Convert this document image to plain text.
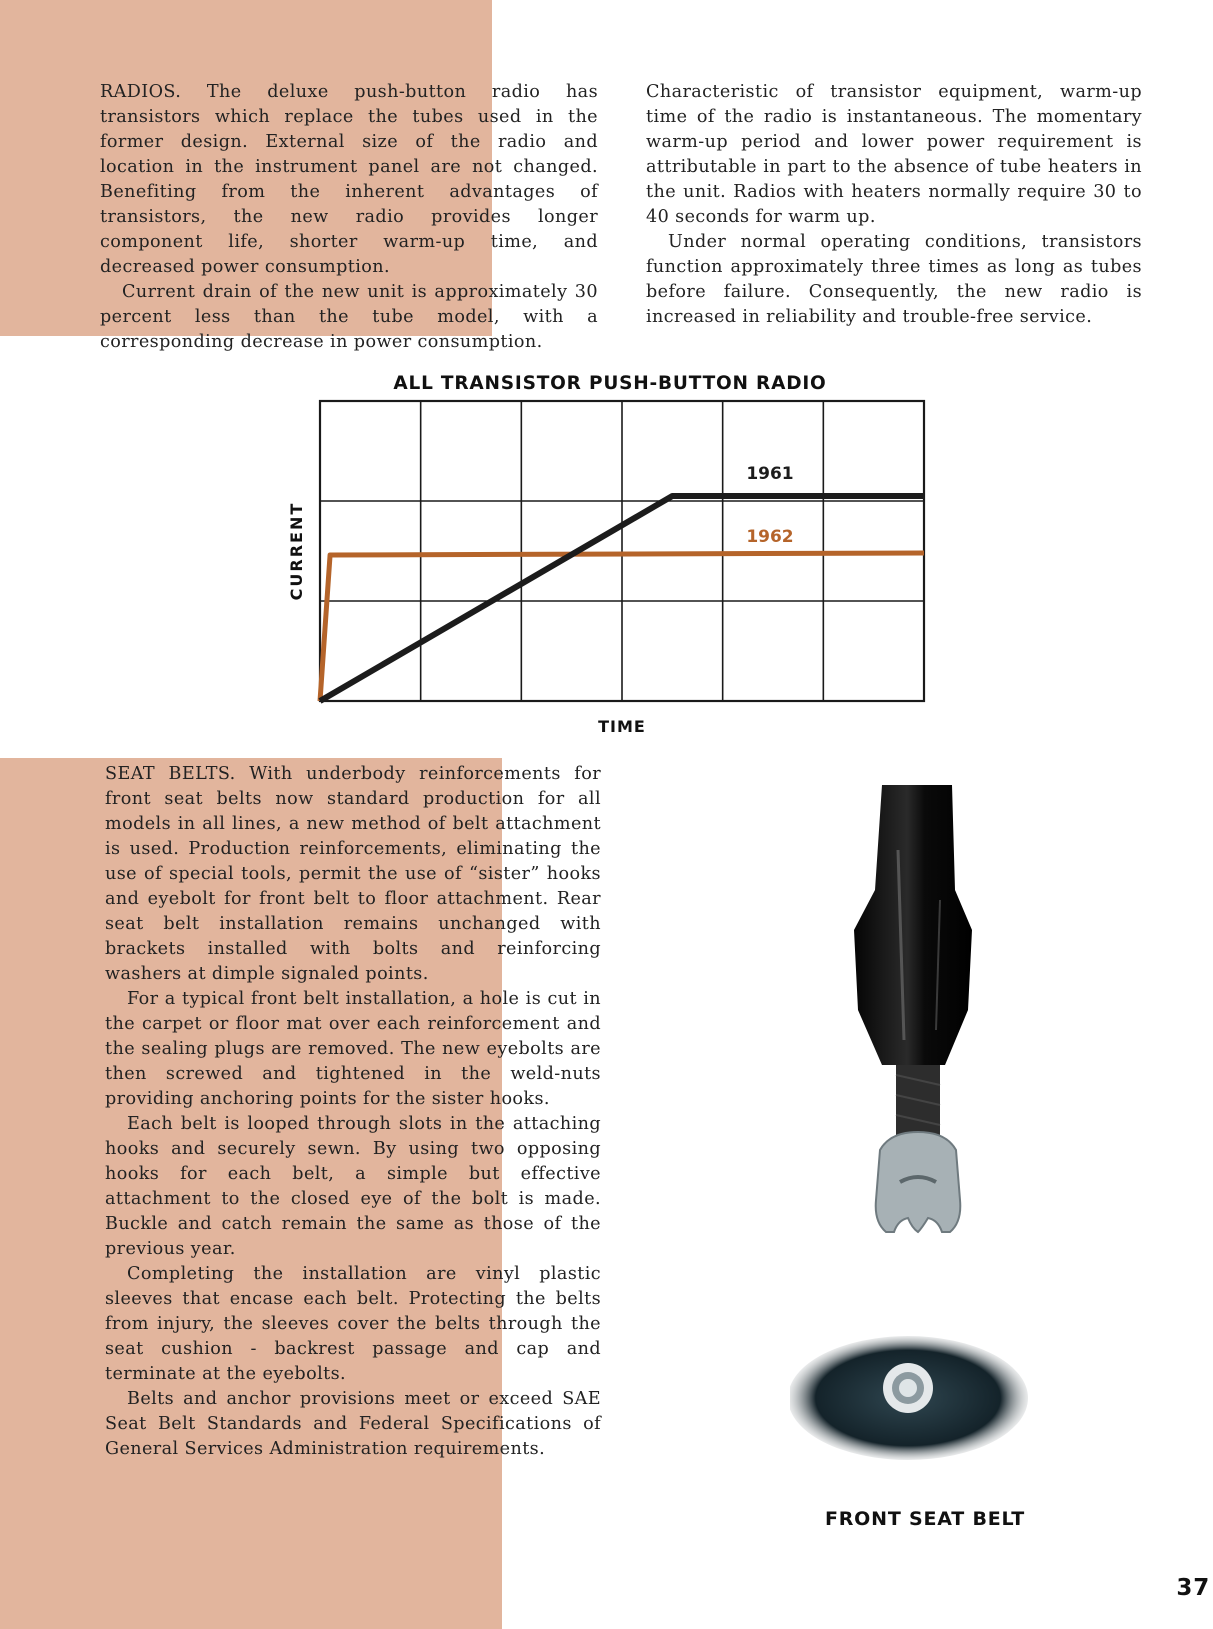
RADIOS. The deluxe push-button radio has transistors which replace the tubes used in the former design. External size of the radio and location in the instrument panel are not changed. Benefiting from the inherent advantages of transistors, the new radio provides longer component life, shorter warm-up time, and decreased power consumption.

Current drain of the new unit is approximately 30 percent less than the tube model, with a corresponding decrease in power consumption.

Characteristic of transistor equipment, warm-up time of the radio is instantaneous. The momentary warm-up period and lower power requirement is attributable in part to the absence of tube heaters in the unit. Radios with heaters normally require 30 to 40 seconds for warm up.

Under normal operating conditions, transistors function approximately three times as long as tubes before failure. Consequently, the new radio is increased in reliability and trouble-free service.

ALL TRANSISTOR PUSH-BUTTON RADIO
1962
1961
TIME
CURRENT

SEAT BELTS. With underbody reinforcements for front seat belts now standard production for all models in all lines, a new method of belt attachment is used. Production reinforcements, eliminating the use of special tools, permit the use of “sister” hooks and eyebolt for front belt to floor attachment. Rear seat belt installation remains unchanged with brackets installed with bolts and reinforcing washers at dimple signaled points.

For a typical front belt installation, a hole is cut in the carpet or floor mat over each reinforcement and the sealing plugs are removed. The new eyebolts are then screwed and tightened in the weld-nuts providing anchoring points for the sister hooks.

Each belt is looped through slots in the attaching hooks and securely sewn. By using two opposing hooks for each belt, a simple but effective attachment to the closed eye of the bolt is made. Buckle and catch remain the same as those of the previous year.

Completing the installation are vinyl plastic sleeves that encase each belt. Protecting the belts from injury, the sleeves cover the belts through the seat cushion - backrest passage and cap and terminate at the eyebolts.

Belts and anchor provisions meet or exceed SAE Seat Belt Standards and Federal Specifications of General Services Administration requirements.

FRONT SEAT BELT
37
